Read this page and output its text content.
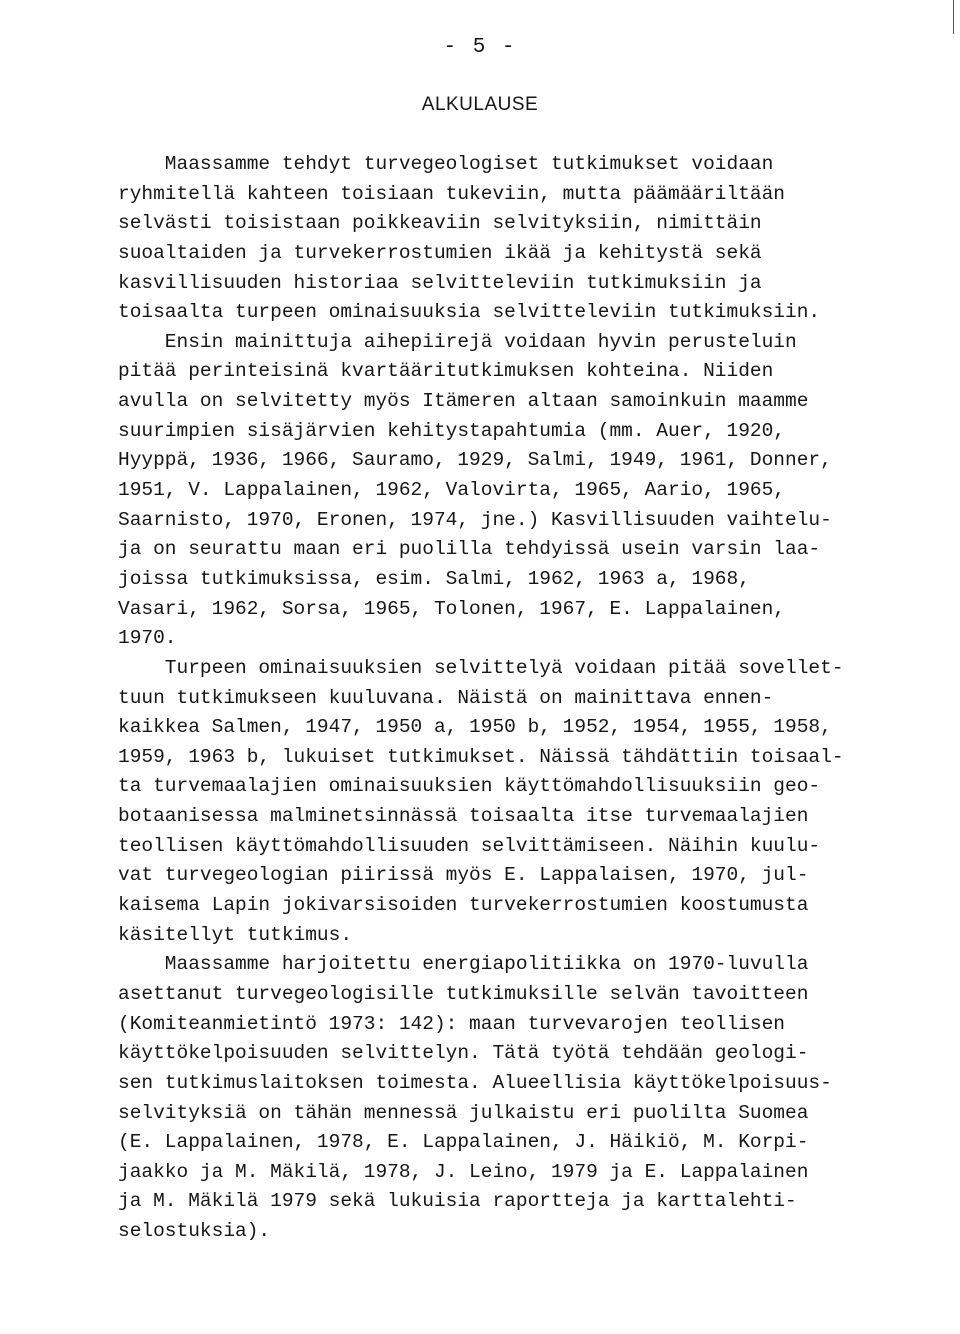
- 5 -
ALKULAUSE
Maassamme tehdyt turvegeologiset tutkimukset voidaan
ryhmitellä kahteen toisiaan tukeviin, mutta päämääriltään
selvästi toisistaan poikkeaviin selvityksiin, nimittäin
suoaltaiden ja turvekerrostumien ikää ja kehitystä sekä
kasvillisuuden historiaa selvitteleviin tutkimuksiin ja
toisaalta turpeen ominaisuuksia selvitteleviin tutkimuksiin.
Ensin mainittuja aihepiirejä voidaan hyvin perusteluin
pitää perinteisinä kvartääritutkimuksen kohteina. Niiden
avulla on selvitetty myös Itämeren altaan samoinkuin maamme
suurimpien sisäjärvien kehitystapahtumia (mm. Auer, 1920,
Hyyppä, 1936, 1966, Sauramo, 1929, Salmi, 1949, 1961, Donner,
1951, V. Lappalainen, 1962, Valovirta, 1965, Aario, 1965,
Saarnisto, 1970, Eronen, 1974, jne.) Kasvillisuuden vaihtelu-
ja on seurattu maan eri puolilla tehdyissä usein varsin laa-
joissa tutkimuksissa, esim. Salmi, 1962, 1963 a, 1968,
Vasari, 1962, Sorsa, 1965, Tolonen, 1967, E. Lappalainen,
1970.
Turpeen ominaisuuksien selvittelyä voidaan pitää sovellet-
tuun tutkimukseen kuuluvana. Näistä on mainittava ennen-
kaikkea Salmen, 1947, 1950 a, 1950 b, 1952, 1954, 1955, 1958,
1959, 1963 b, lukuiset tutkimukset. Näissä tähdättiin toisaal-
ta turvemaalajien ominaisuuksien käyttömahdollisuuksiin geo-
botaanisessa malminetsinnässä toisaalta itse turvemaalajien
teollisen käyttömahdollisuuden selvittämiseen. Näihin kuulu-
vat turvegeologian piirissä myös E. Lappalaisen, 1970, jul-
kaisema Lapin jokivarsisoiden turvekerrostumien koostumusta
käsitellyt tutkimus.
Maassamme harjoitettu energiapolitiikka on 1970-luvulla
asettanut turvegeologisille tutkimuksille selvän tavoitteen
(Komiteanmietintö 1973: 142): maan turvevarojen teollisen
käyttökelpoisuuden selvittelyn. Tätä työtä tehdään geologi-
sen tutkimuslaitoksen toimesta. Alueellisia käyttökelpoisuus-
selvityksiä on tähän mennessä julkaistu eri puolilta Suomea
(E. Lappalainen, 1978, E. Lappalainen, J. Häikiö, M. Korpi-
jaakko ja M. Mäkilä, 1978, J. Leino, 1979 ja E. Lappalainen
ja M. Mäkilä 1979 sekä lukuisia raportteja ja karttalehti-
selostuksia).
